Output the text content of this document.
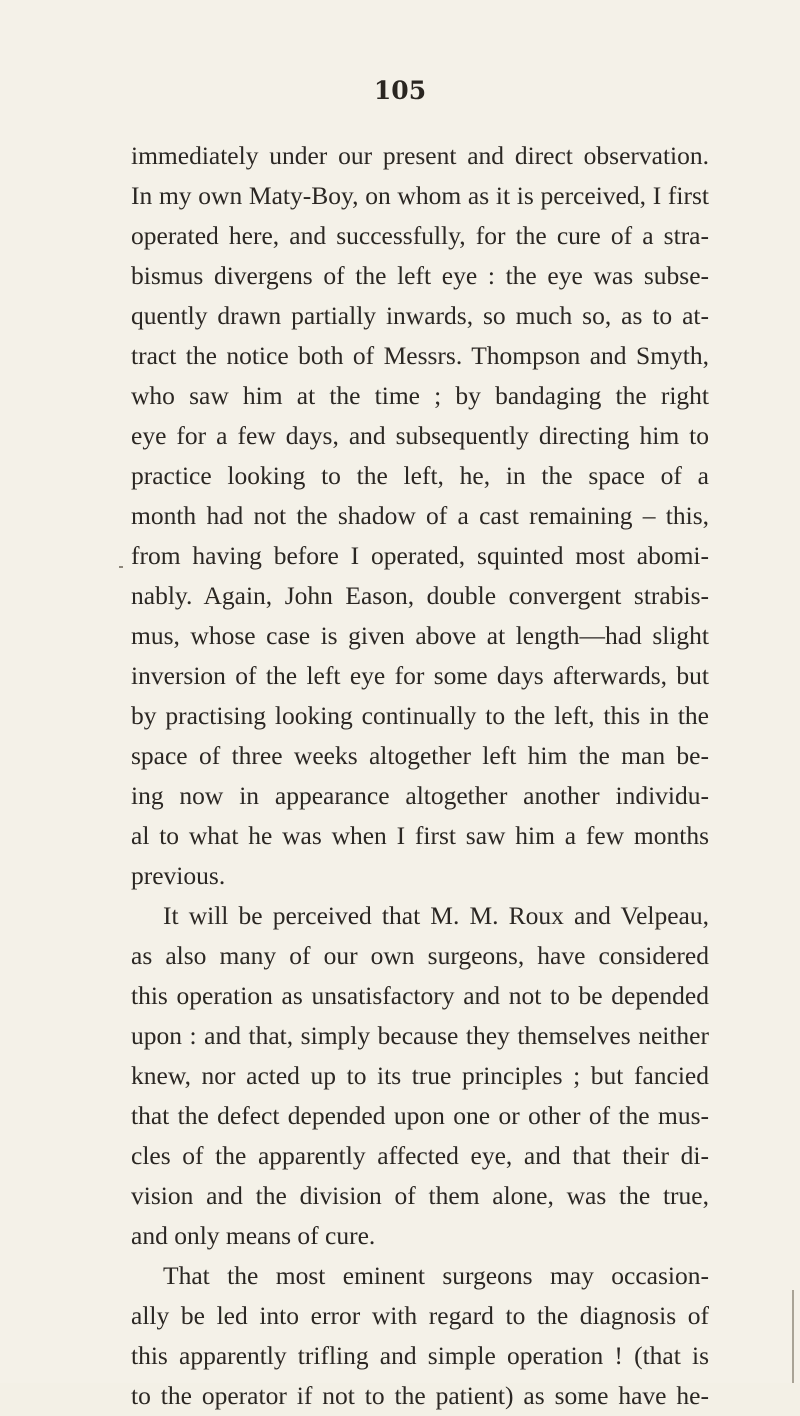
105
immediately under our present and direct observation.
In my own Maty-Boy, on whom as it is perceived, I first
operated here, and successfully, for the cure of a stra-
bismus divergens of the left eye : the eye was subse-
quently drawn partially inwards, so much so, as to at-
tract the notice both of Messrs. Thompson and Smyth,
who saw him at the time ; by bandaging the right
eye for a few days, and subsequently directing him to
practice looking to the left, he, in the space of a
month had not the shadow of a cast remaining – this,
from having before I operated, squinted most abomi-
nably. Again, John Eason, double convergent strabis-
mus, whose case is given above at length—had slight
inversion of the left eye for some days afterwards, but
by practising looking continually to the left, this in the
space of three weeks altogether left him the man be-
ing now in appearance altogether another individu-
al to what he was when I first saw him a few months
previous.
It will be perceived that M. M. Roux and Velpeau,
as also many of our own surgeons, have considered
this operation as unsatisfactory and not to be depended
upon : and that, simply because they themselves neither
knew, nor acted up to its true principles ; but fancied
that the defect depended upon one or other of the mus-
cles of the apparently affected eye, and that their di-
vision and the division of them alone, was the true,
and only means of cure.
That the most eminent surgeons may occasion-
ally be led into error with regard to the diagnosis of
this apparently trifling and simple operation ! (that is
to the operator if not to the patient) as some have he-
